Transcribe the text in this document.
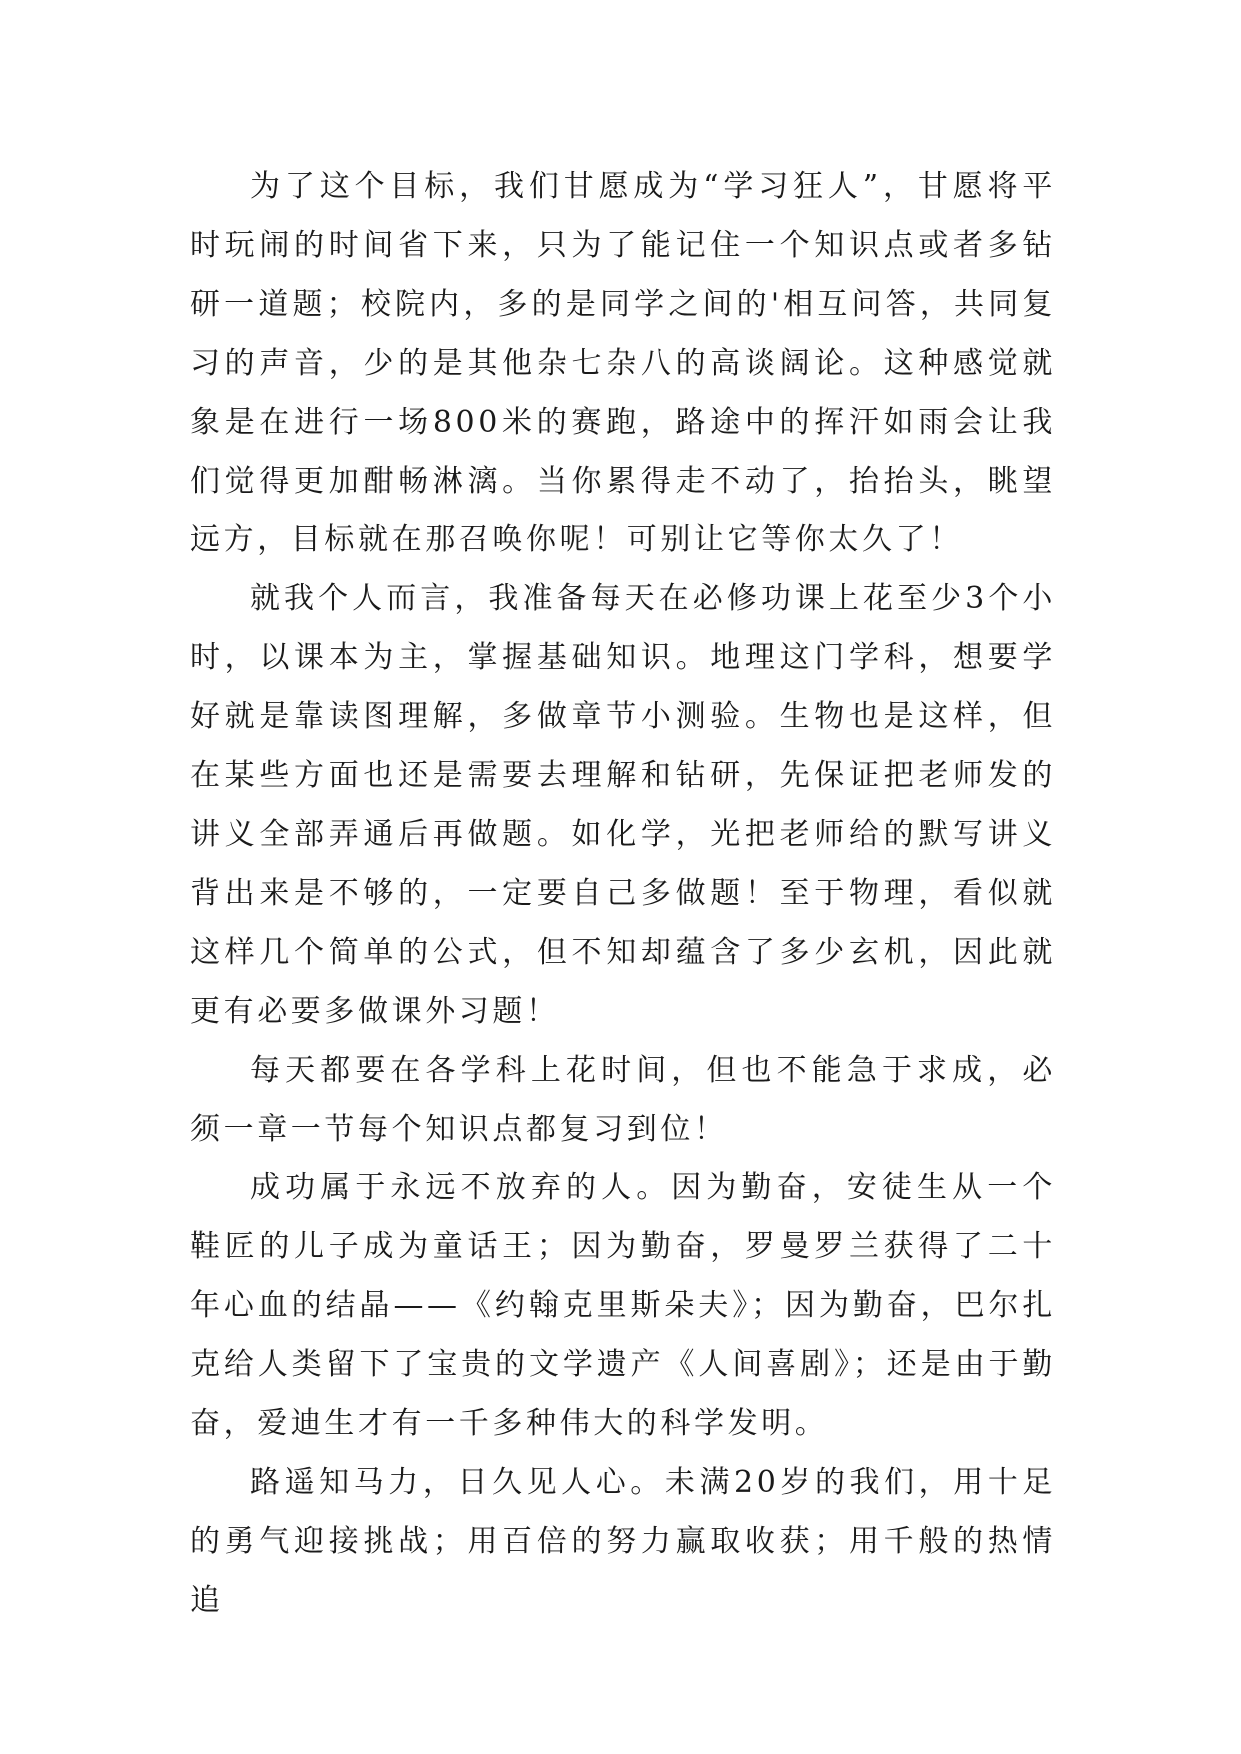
为了这个目标，我们甘愿成为“学习狂人”，甘愿将平时玩闹的时间省下来，只为了能记住一个知识点或者多钻研一道题；校院内，多的是同学之间的'相互问答，共同复习的声音，少的是其他杂七杂八的高谈阔论。这种感觉就象是在进行一场800米的赛跑，路途中的挥汗如雨会让我们觉得更加酣畅淋漓。当你累得走不动了，抬抬头，眺望远方，目标就在那召唤你呢！可别让它等你太久了！

就我个人而言，我准备每天在必修功课上花至少3个小时，以课本为主，掌握基础知识。地理这门学科，想要学好就是靠读图理解，多做章节小测验。生物也是这样，但在某些方面也还是需要去理解和钻研，先保证把老师发的讲义全部弄通后再做题。如化学，光把老师给的默写讲义背出来是不够的，一定要自己多做题！至于物理，看似就这样几个简单的公式，但不知却蕴含了多少玄机，因此就更有必要多做课外习题！

每天都要在各学科上花时间，但也不能急于求成，必须一章一节每个知识点都复习到位！

成功属于永远不放弃的人。因为勤奋，安徒生从一个鞋匠的儿子成为童话王；因为勤奋，罗曼罗兰获得了二十年心血的结晶——《约翰克里斯朵夫》；因为勤奋，巴尔扎克给人类留下了宝贵的文学遗产《人间喜剧》；还是由于勤奋，爱迪生才有一千多种伟大的科学发明。

路遥知马力，日久见人心。未满20岁的我们，用十足的勇气迎接挑战；用百倍的努力赢取收获；用千般的热情追
